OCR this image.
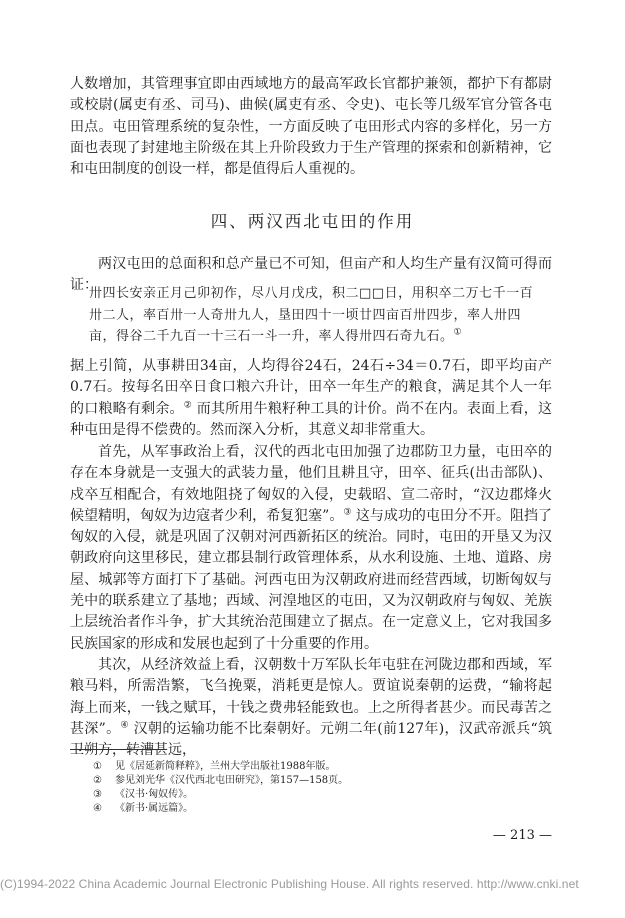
人数增加，其管理事宜即由西域地方的最高军政长官都护兼领，都护下有都尉或校尉(属吏有丞、司马)、曲候(属吏有丞、令史)、屯长等几级军官分管各屯田点。屯田管理系统的复杂性，一方面反映了屯田形式内容的多样化，另一方面也表现了封建地主阶级在其上升阶段致力于生产管理的探索和创新精神，它和屯田制度的创设一样，都是值得后人重视的。

四、两汉西北屯田的作用

两汉屯田的总面积和总产量已不可知，但亩产和人均生产量有汉简可得而证：

卅四长安亲正月己卯初作，尽八月戊戌，积二□□日，用积卒二万七千一百卅二人，率百卅一人奇卅九人，垦田四十一顷廿四亩百卅四步，率人卅四亩，得谷二千九百一十三石一斗一升，率人得卅四石奇九石。①

据上引简，从事耕田34亩，人均得谷24石，24石÷34＝0.7石，即平均亩产0.7石。按每名田卒日食口粮六升计，田卒一年生产的粮食，满足其个人一年的口粮略有剩余。② 而其所用牛粮籽种工具的计价。尚不在内。表面上看，这种屯田是得不偿费的。然而深入分析，其意义却非常重大。

首先，从军事政治上看，汉代的西北屯田加强了边郡防卫力量，屯田卒的存在本身就是一支强大的武装力量，他们且耕且守，田卒、征兵(出击部队)、戍卒互相配合，有效地阻挠了匈奴的入侵，史载昭、宣二帝时，“汉边郡烽火候望精明，匈奴为边寇者少利，希复犯塞”。③ 这与成功的屯田分不开。阻挡了匈奴的入侵，就是巩固了汉朝对河西新拓区的统治。同时，屯田的开垦又为汉朝政府向这里移民，建立郡县制行政管理体系，从水利设施、土地、道路、房屋、城郭等方面打下了基础。河西屯田为汉朝政府进而经营西域，切断匈奴与羌中的联系建立了基地；西域、河湟地区的屯田，又为汉朝政府与匈奴、羌族上层统治者作斗争，扩大其统治范围建立了据点。在一定意义上，它对我国多民族国家的形成和发展也起到了十分重要的作用。

其次，从经济效益上看，汉朝数十万军队长年屯驻在河陇边郡和西域，军粮马料，所需浩繁，飞刍挽粟，消耗更是惊人。贾谊说秦朝的运费，“输将起海上而来，一钱之赋耳，十钱之费弗轻能致也。上之所得者甚少。而民毒苦之甚深”。④ 汉朝的运输功能不比秦朝好。元朔二年(前127年)，汉武帝派兵“筑卫朔方，转漕甚远，

① 见《居延新简释粹》，兰州大学出版社1988年版。
② 参见刘光华《汉代西北屯田研究》，第157—158页。
③ 《汉书·匈奴传》。
④ 《新书·属远篇》。

— 213 —

(C)1994-2022 China Academic Journal Electronic Publishing House. All rights reserved. http://www.cnki.net
